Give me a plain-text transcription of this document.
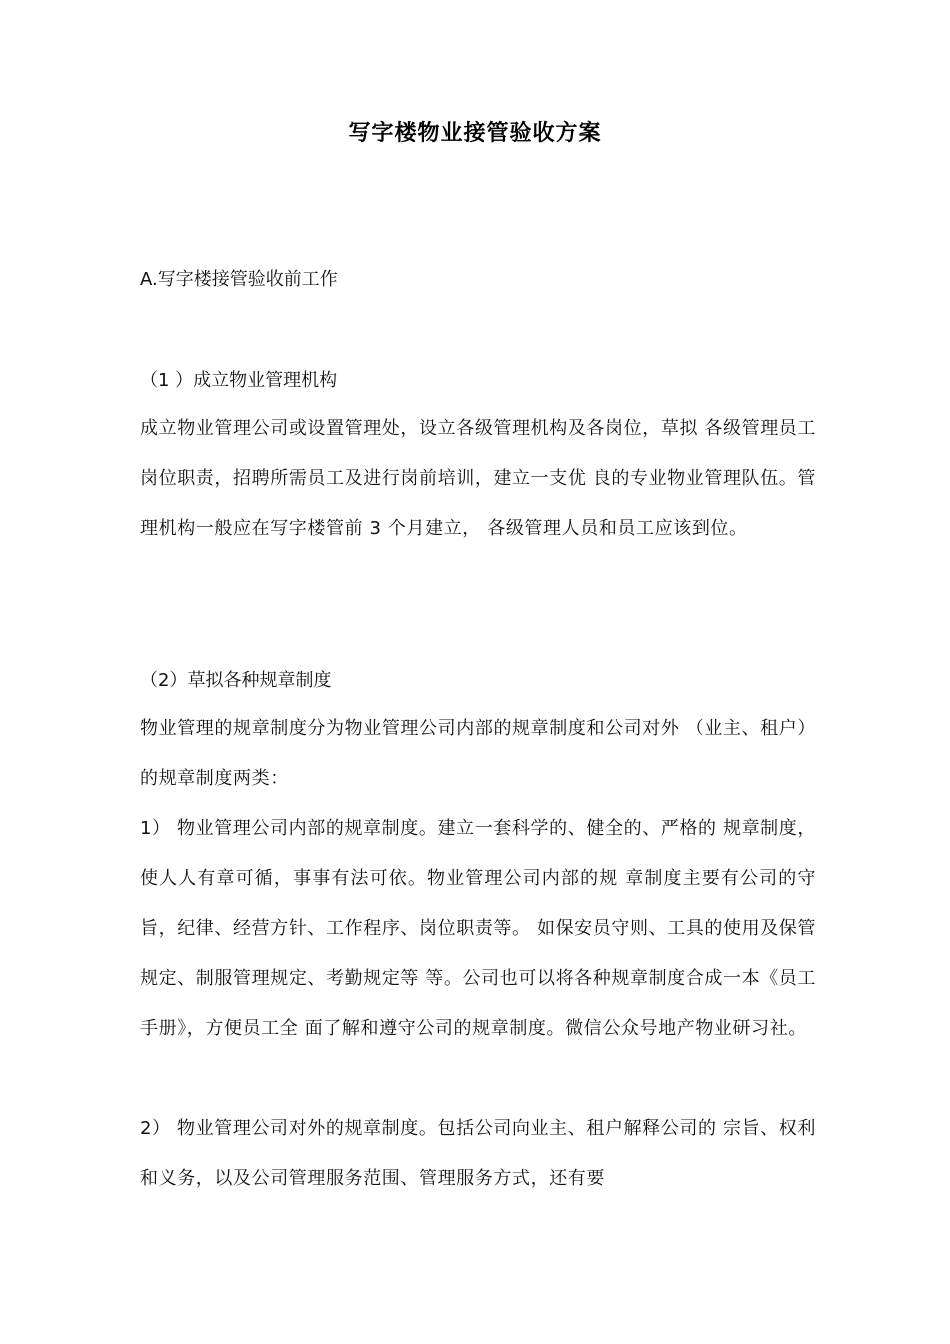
写字楼物业接管验收方案
A.写字楼接管验收前工作
（1 ）成立物业管理机构
成立物业管理公司或设置管理处，设立各级管理机构及各岗位，草拟 各级管理员工岗位职责，招聘所需员工及进行岗前培训，建立一支优 良的专业物业管理队伍。管理机构一般应在写字楼管前 3 个月建立， 各级管理人员和员工应该到位。
（2）草拟各种规章制度
物业管理的规章制度分为物业管理公司内部的规章制度和公司对外 （业主、租户）的规章制度两类：
1） 物业管理公司内部的规章制度。建立一套科学的、健全的、严格的 规章制度，使人人有章可循，事事有法可依。物业管理公司内部的规 章制度主要有公司的守旨，纪律、经营方针、工作程序、岗位职责等。 如保安员守则、工具的使用及保管规定、制服管理规定、考勤规定等 等。公司也可以将各种规章制度合成一本《员工手册》，方便员工全 面了解和遵守公司的规章制度。微信公众号地产物业研习社。
2） 物业管理公司对外的规章制度。包括公司向业主、租户解释公司的 宗旨、权利和义务，以及公司管理服务范围、管理服务方式，还有要
